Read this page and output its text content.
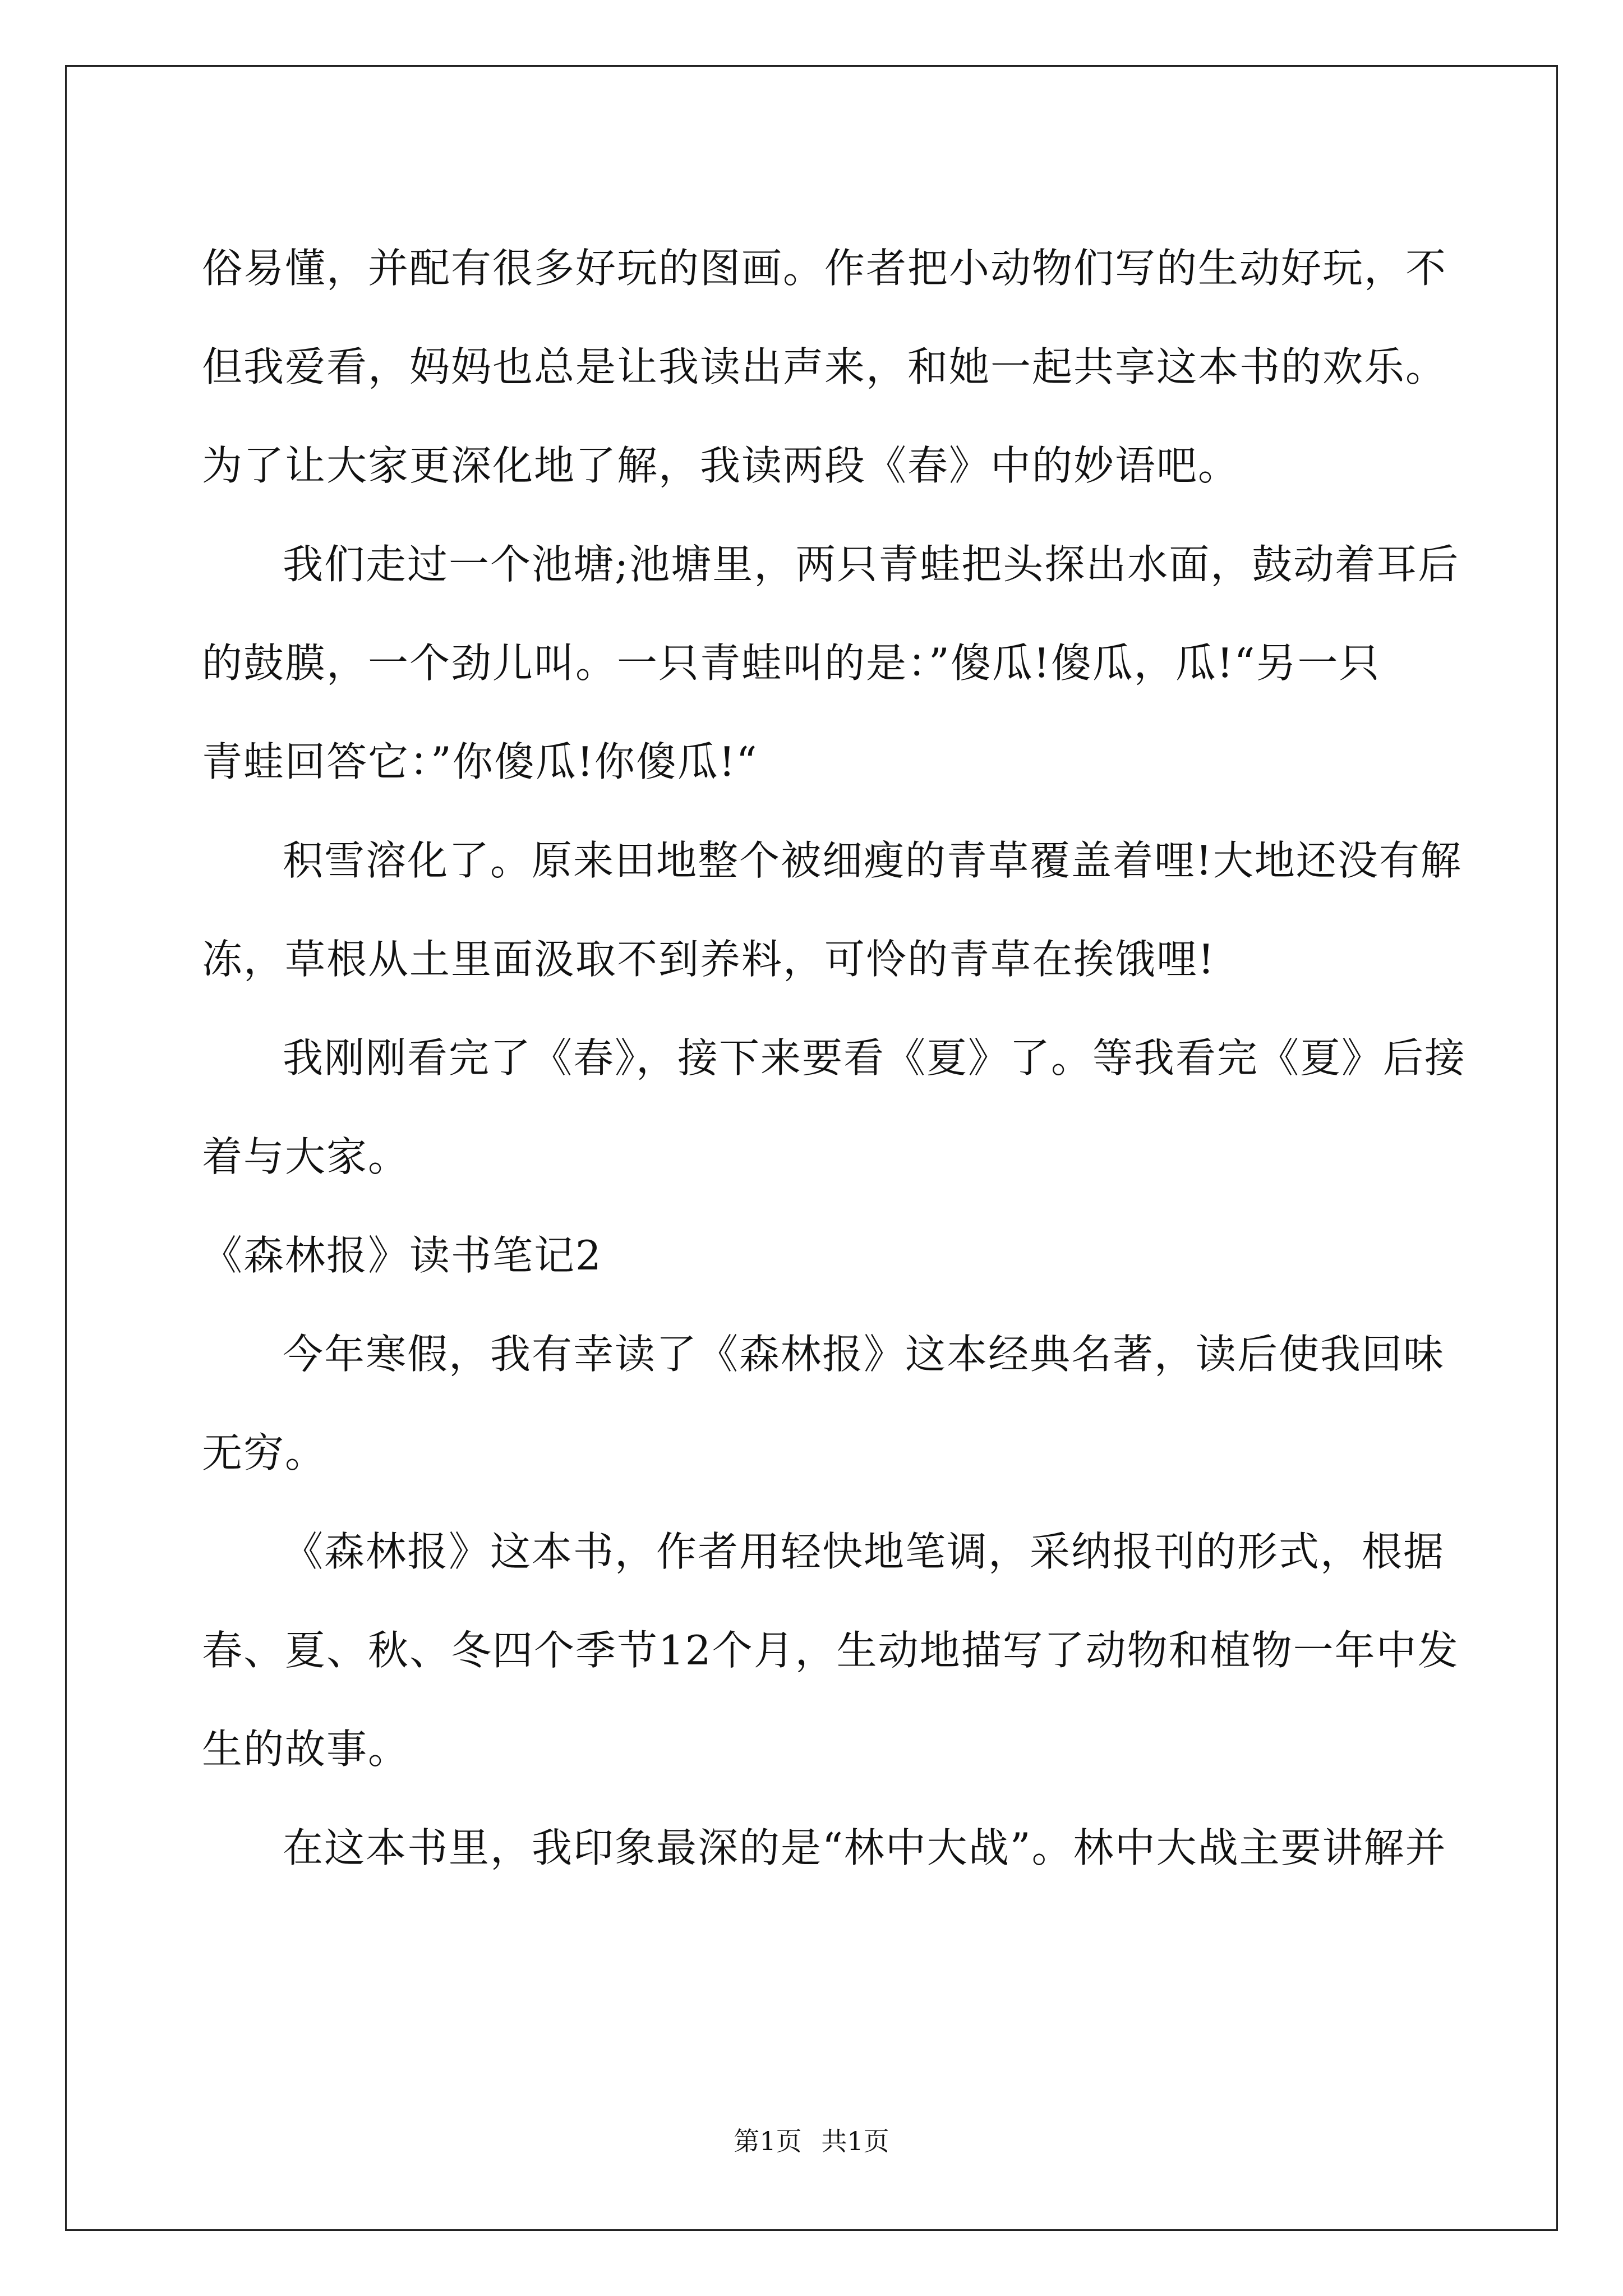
俗易懂，并配有很多好玩的图画。作者把小动物们写的生动好玩，不
但我爱看，妈妈也总是让我读出声来，和她一起共享这本书的欢乐。
为了让大家更深化地了解，我读两段《春》中的妙语吧。
我们走过一个池塘;池塘里，两只青蛙把头探出水面，鼓动着耳后
的鼓膜，一个劲儿叫。一只青蛙叫的是：”傻瓜!傻瓜，瓜!“另一只
青蛙回答它：”你傻瓜!你傻瓜!“
积雪溶化了。原来田地整个被细瘦的青草覆盖着哩!大地还没有解
冻，草根从土里面汲取不到养料，可怜的青草在挨饿哩!
我刚刚看完了《春》，接下来要看《夏》了。等我看完《夏》后接
着与大家。
《森林报》读书笔记2
今年寒假，我有幸读了《森林报》这本经典名著，读后使我回味
无穷。
《森林报》这本书，作者用轻快地笔调，采纳报刊的形式，根据
春、夏、秋、冬四个季节12个月，生动地描写了动物和植物一年中发
生的故事。
在这本书里，我印象最深的是“林中大战”。林中大战主要讲解并
第1页 共1页
